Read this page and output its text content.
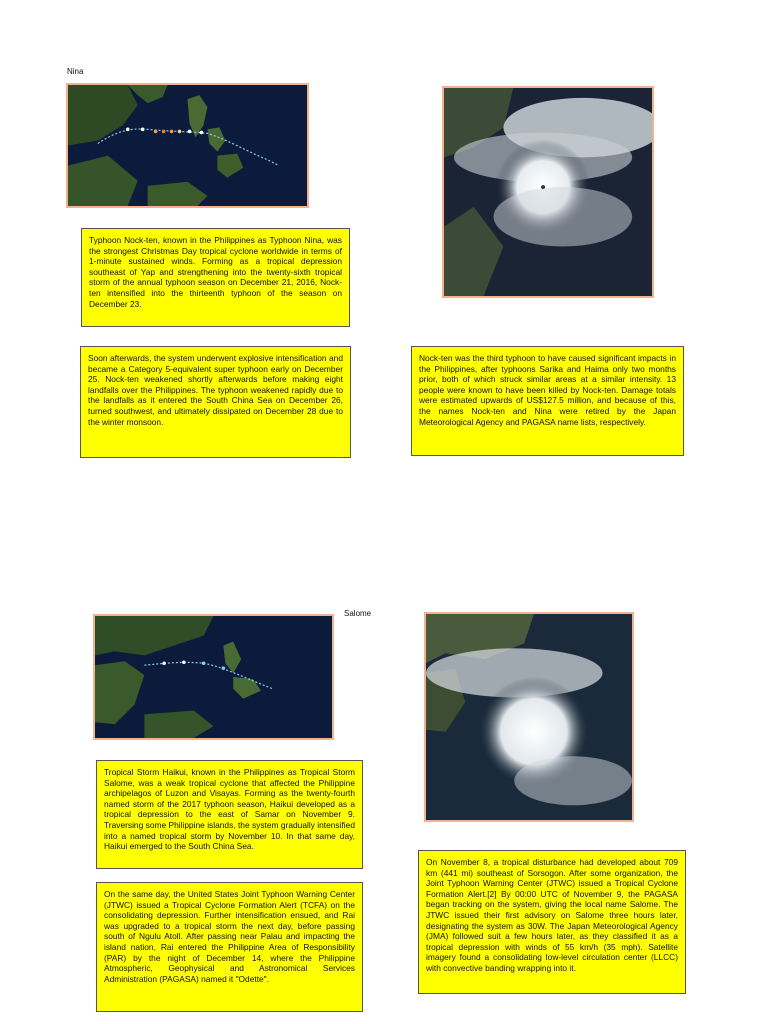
Nina
Typhoon Nock-ten, known in the Philippines as Typhoon Nina, was the strongest Christmas Day tropical cyclone worldwide in terms of 1-minute sustained winds. Forming as a tropical depression southeast of Yap and strengthening into the twenty-sixth tropical storm of the annual typhoon season on December 21, 2016, Nock-ten intensified into the thirteenth typhoon of the season on December 23.
Soon afterwards, the system underwent explosive intensification and became a Category 5-equivalent super typhoon early on December 25. Nock-ten weakened shortly afterwards before making eight landfalls over the Philippines. The typhoon weakened rapidly due to the landfalls as it entered the South China Sea on December 26, turned southwest, and ultimately dissipated on December 28 due to the winter monsoon.
Nock-ten was the third typhoon to have caused significant impacts in the Philippines, after typhoons Sarika and Haima only two months prior, both of which struck similar areas at a similar intensity. 13 people were known to have been killed by Nock-ten. Damage totals were estimated upwards of US$127.5 million, and because of this, the names Nock-ten and Nina were retired by the Japan Meteorological Agency and PAGASA name lists, respectively.
Salome
Tropical Storm Haikui, known in the Philippines as Tropical Storm Salome, was a weak tropical cyclone that affected the Philippine archipelagos of Luzon and Visayas. Forming as the twenty-fourth named storm of the 2017 typhoon season, Haikui developed as a tropical depression to the east of Samar on November 9. Traversing some Philippine islands, the system gradually intensified into a named tropical storm by November 10. In that same day, Haikui emerged to the South China Sea.
On the same day, the United States Joint Typhoon Warning Center (JTWC) issued a Tropical Cyclone Formation Alert (TCFA) on the consolidating depression. Further intensification ensued, and Rai was upgraded to a tropical storm the next day, before passing south of Ngulu Atoll. After passing near Palau and impacting the island nation, Rai entered the Philippine Area of Responsibility (PAR) by the night of December 14, where the Philippine Atmospheric, Geophysical and Astronomical Services Administration (PAGASA) named it "Odette".
On November 8, a tropical disturbance had developed about 709 km (441 mi) southeast of Sorsogon. After some organization, the Joint Typhoon Warning Center (JTWC) issued a Tropical Cyclone Formation Alert.[2] By 00:00 UTC of November 9, the PAGASA began tracking on the system, giving the local name Salome. The JTWC issued their first advisory on Salome three hours later, designating the system as 30W. The Japan Meteorological Agency (JMA) followed suit a few hours later, as they classified it as a tropical depression with winds of 55 km/h (35 mph). Satellite imagery found a consolidating low-level circulation center (LLCC) with convective banding wrapping into it.
